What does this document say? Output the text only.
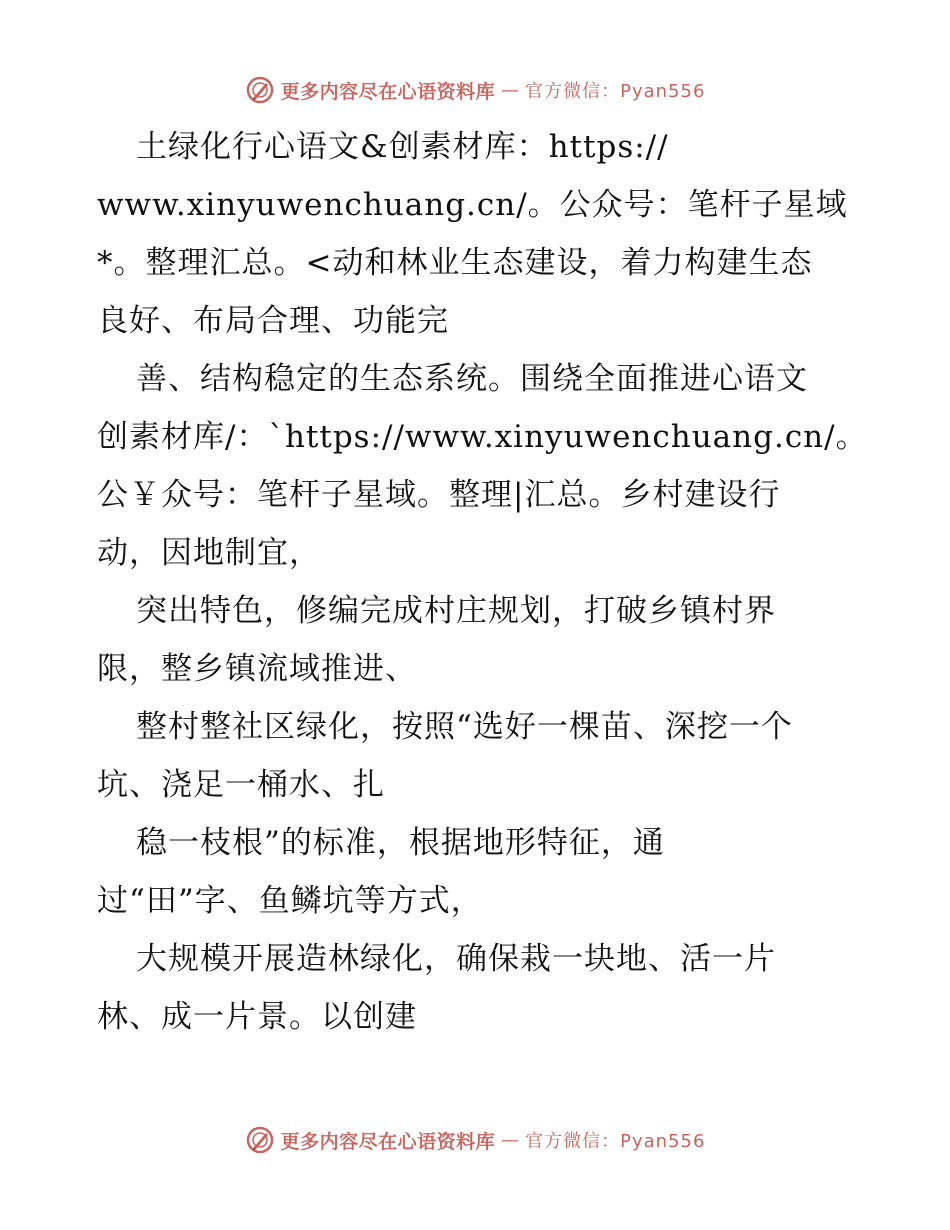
更多内容尽在心语资料库 — 官方微信：Pyan556
土绿化行心语文&创素材库：https://
www.xinyuwenchuang.cn/。公众号：笔杆子星域
*。整理汇总。<动和林业生态建设，着力构建生态
良好、布局合理、功能完
善、结构稳定的生态系统。围绕全面推进心语文
创素材库/：`https://www.xinyuwenchuang.cn/。
公￥众号：笔杆子星域。整理|汇总。乡村建设行
动，因地制宜，
突出特色，修编完成村庄规划，打破乡镇村界
限，整乡镇流域推进、
整村整社区绿化，按照“选好一棵苗、深挖一个
坑、浇足一桶水、扎
稳一枝根”的标准，根据地形特征，通
过“田”字、鱼鳞坑等方式，
大规模开展造林绿化，确保栽一块地、活一片
林、成一片景。以创建
更多内容尽在心语资料库 — 官方微信：Pyan556
